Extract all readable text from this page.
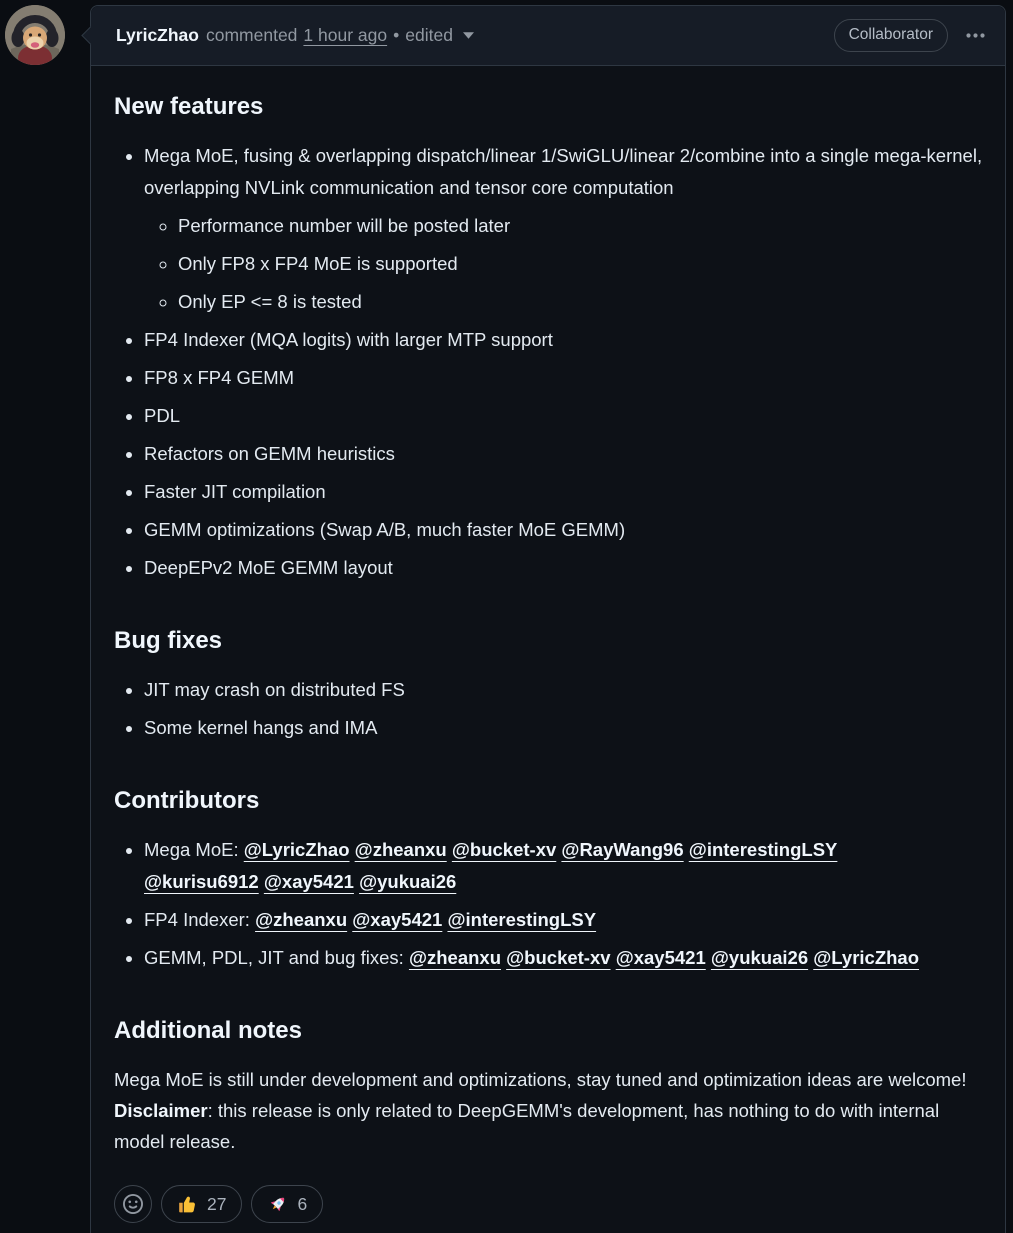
LyricZhao commented 1 hour ago • edited	Collaborator
New features
• Mega MoE, fusing & overlapping dispatch/linear 1/SwiGLU/linear 2/combine into a single mega-kernel, overlapping NVLink communication and tensor core computation
◦ Performance number will be posted later
◦ Only FP8 x FP4 MoE is supported
◦ Only EP <= 8 is tested
• FP4 Indexer (MQA logits) with larger MTP support
• FP8 x FP4 GEMM
• PDL
• Refactors on GEMM heuristics
• Faster JIT compilation
• GEMM optimizations (Swap A/B, much faster MoE GEMM)
• DeepEPv2 MoE GEMM layout
Bug fixes
• JIT may crash on distributed FS
• Some kernel hangs and IMA
Contributors
• Mega MoE: @LyricZhao @zheanxu @bucket-xv @RayWang96 @interestingLSY
@kurisu6912 @xay5421 @yukuai26
• FP4 Indexer: @zheanxu @xay5421 @interestingLSY
• GEMM, PDL, JIT and bug fixes: @zheanxu @bucket-xv @xay5421 @yukuai26 @LyricZhao
Additional notes

Mega MoE is still under development and optimizations, stay tuned and optimization ideas are welcome!
Disclaimer: this release is only related to DeepGEMM's development, has nothing to do with internal model release.

27	6
